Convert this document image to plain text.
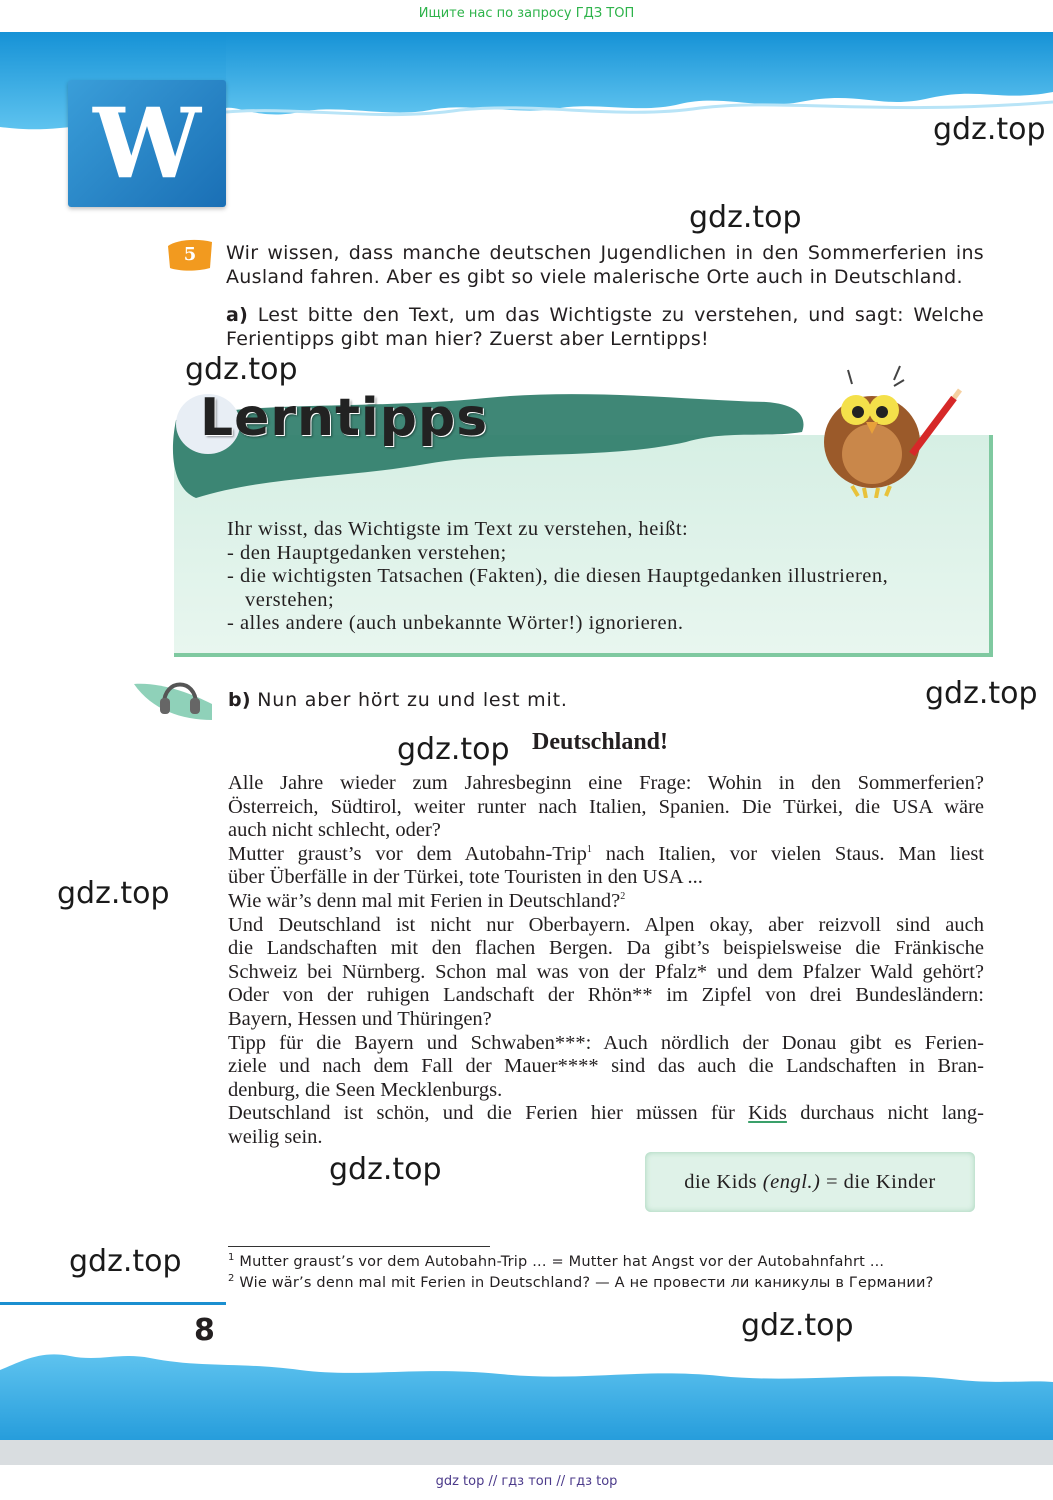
Ищите нас по запросу ГДЗ ТОП
W	gdz.top
gdz.top
gdz.top
gdz.top
gdz.top
gdz.top
gdz.top
gdz.top
gdz.top
5	Wir wissen, dass manche deutschen Jugendlichen in den Sommerferien ins
Ausland fahren. Aber es gibt so viele malerische Orte auch in Deutschland.
a) Lest bitte den Text, um das Wichtigste zu verstehen, und sagt: Welche
Ferientipps gibt man hier? Zuerst aber Lerntipps!
Lerntipps
Ihr wisst, das Wichtigste im Text zu verstehen, heißt:
- den Hauptgedanken verstehen;
- die wichtigsten Tatsachen (Fakten), die diesen Hauptgedanken illustrieren,
verstehen;
- alles andere (auch unbekannte Wörter!) ignorieren.
b) Nun aber hört zu und lest mit.
Deutschland!
Alle Jahre wieder zum Jahresbeginn eine Frage: Wohin in den Sommerferien?
Österreich, Südtirol, weiter runter nach Italien, Spanien. Die Türkei, die USA wäre
auch nicht schlecht, oder?
Mutter graust’s vor dem Autobahn-Trip$^1$ nach Italien, vor vielen Staus. Man liest
über Überfälle in der Türkei, tote Touristen in den USA ...
Wie wär’s denn mal mit Ferien in Deutschland?$^2$
Und Deutschland ist nicht nur Oberbayern. Alpen okay, aber reizvoll sind auch
die Landschaften mit den flachen Bergen. Da gibt’s beispielsweise die Fränkische
Schweiz bei Nürnberg. Schon mal was von der Pfalz* und dem Pfalzer Wald gehört?
Oder von der ruhigen Landschaft der Rhön** im Zipfel von drei Bundesländern:
Bayern, Hessen und Thüringen?
Tipp für die Bayern und Schwaben***: Auch nördlich der Donau gibt es Ferien-
ziele und nach dem Fall der Mauer**** sind das auch die Landschaften in Bran-
denburg, die Seen Mecklenburgs.
Deutschland ist schön, und die Ferien hier müssen für Kids durchaus nicht lang-
weilig sein.
die Kids (engl.) = die Kinder
$^1$ Mutter graust’s vor dem Autobahn-Trip ... = Mutter hat Angst vor der Autobahnfahrt ...
$^2$ Wie wär’s denn mal mit Ferien in Deutschland? — А не провести ли каникулы в Германии?
8
gdz top // гдз топ // гдз top
